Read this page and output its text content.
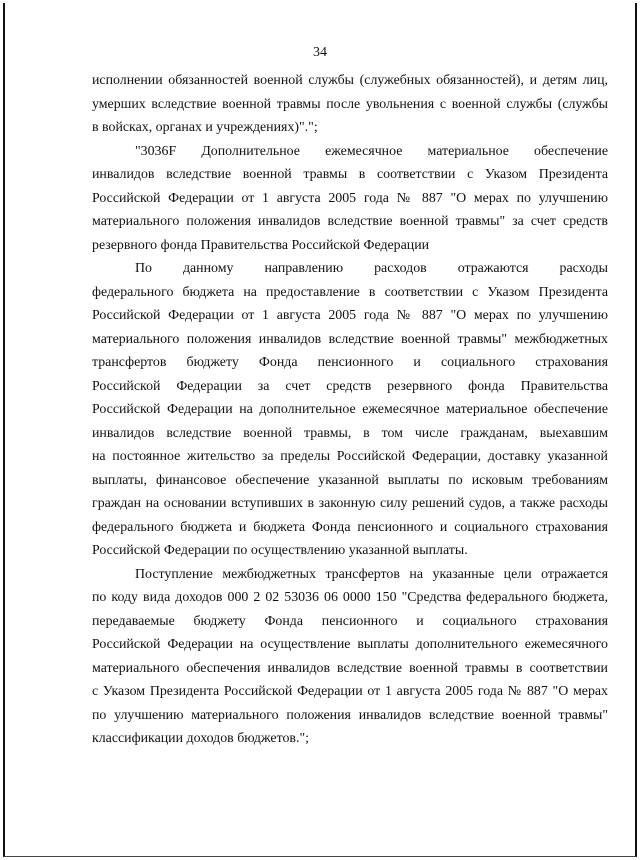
34

исполнении обязанностей военной службы (служебных обязанностей), и детям лиц,
умерших вследствие военной травмы после увольнения с военной службы (службы
в войсках, органах и учреждениях)".";

"3036F Дополнительное ежемесячное материальное обеспечение
инвалидов вследствие военной травмы в соответствии с Указом Президента
Российской Федерации от 1 августа 2005 года № 887 "О мерах по улучшению
материального положения инвалидов вследствие военной травмы" за счет средств
резервного фонда Правительства Российской Федерации

По данному направлению расходов отражаются расходы
федерального бюджета на предоставление в соответствии с Указом Президента
Российской Федерации от 1 августа 2005 года № 887 "О мерах по улучшению
материального положения инвалидов вследствие военной травмы" межбюджетных
трансфертов бюджету Фонда пенсионного и социального страхования
Российской Федерации за счет средств резервного фонда Правительства
Российской Федерации на дополнительное ежемесячное материальное обеспечение
инвалидов вследствие военной травмы, в том числе гражданам, выехавшим
на постоянное жительство за пределы Российской Федерации, доставку указанной
выплаты, финансовое обеспечение указанной выплаты по исковым требованиям
граждан на основании вступивших в законную силу решений судов, а также расходы
федерального бюджета и бюджета Фонда пенсионного и социального страхования
Российской Федерации по осуществлению указанной выплаты.

Поступление межбюджетных трансфертов на указанные цели отражается
по коду вида доходов 000 2 02 53036 06 0000 150 "Средства федерального бюджета,
передаваемые бюджету Фонда пенсионного и социального страхования
Российской Федерации на осуществление выплаты дополнительного ежемесячного
материального обеспечения инвалидов вследствие военной травмы в соответствии
с Указом Президента Российской Федерации от 1 августа 2005 года № 887 "О мерах
по улучшению материального положения инвалидов вследствие военной травмы"
классификации доходов бюджетов.";
